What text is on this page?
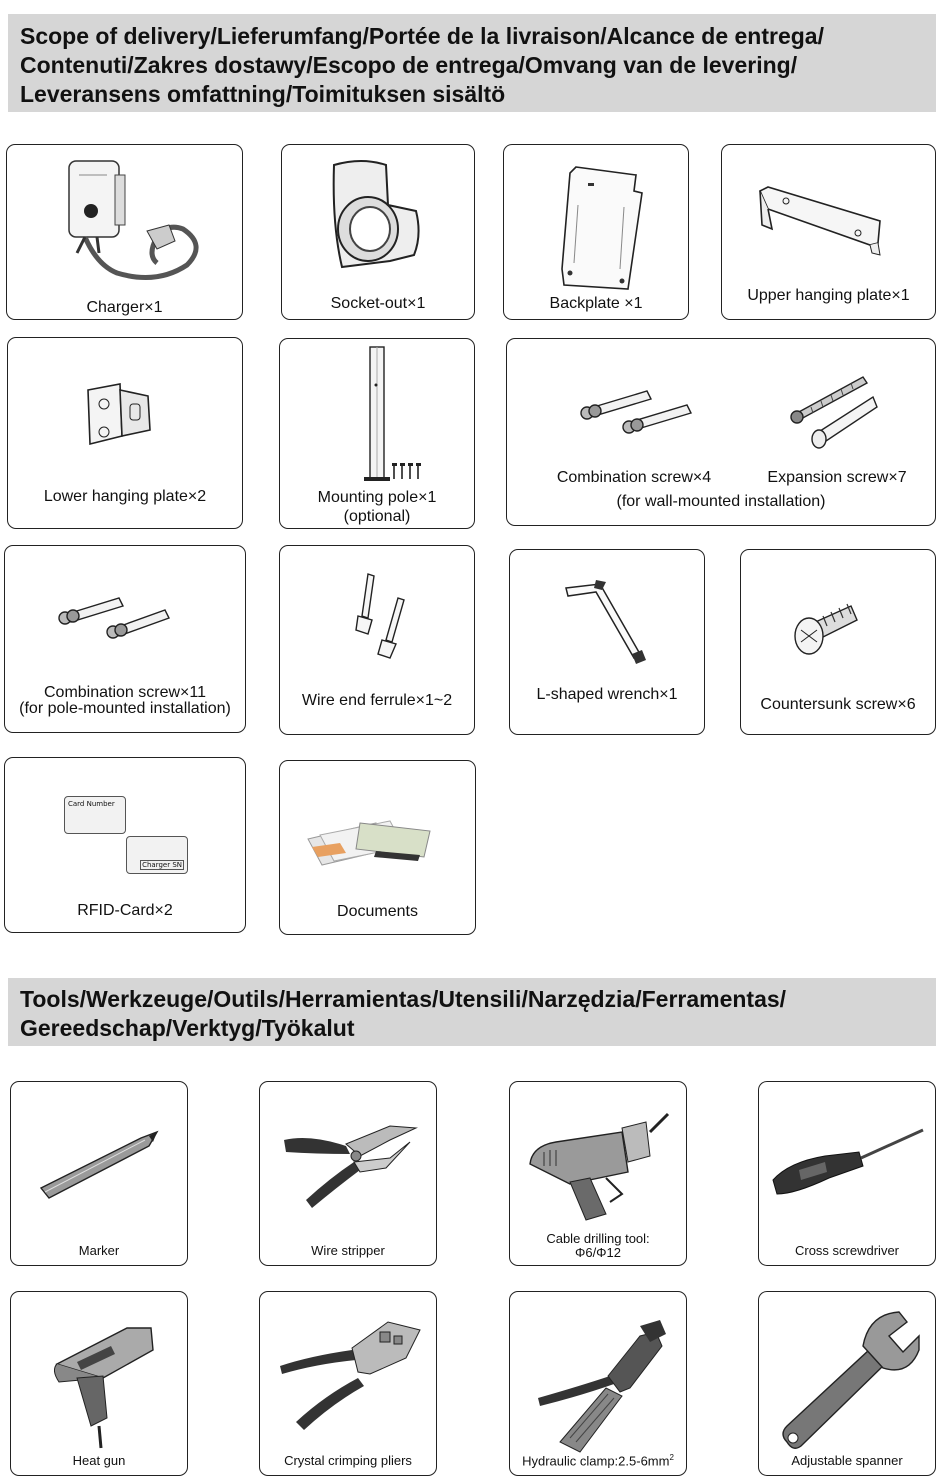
Scope of delivery/Lieferumfang/Portée de la livraison/Alcance de entrega/
Contenuti/Zakres dostawy/Escopo de entrega/Omvang van de levering/
Leveransens omfattning/Toimituksen sisältö
Charger×1	Socket-out×1	Backplate ×1	Upper hanging plate×1
Lower hanging plate×2	Mounting pole×1
(optional)
Combination screw×4	Expansion screw×7
(for wall-mounted installation)
Combination screw×11
(for pole-mounted installation)	Wire end ferrule×1~2	L-shaped wrench×1
Countersunk screw×6
Card Number
Charger SN
RFID-Card×2	Documents
Tools/Werkzeuge/Outils/Herramientas/Utensili/Narzędzia/Ferramentas/
Gereedschap/Verktyg/Työkalut
Marker	Wire stripper
Cable drilling tool:
Φ6/Φ12	Cross screwdriver
Heat gun	Crystal crimping pliers	Hydraulic $clamp:2.5-6mm^2$	Adjustable spanner
